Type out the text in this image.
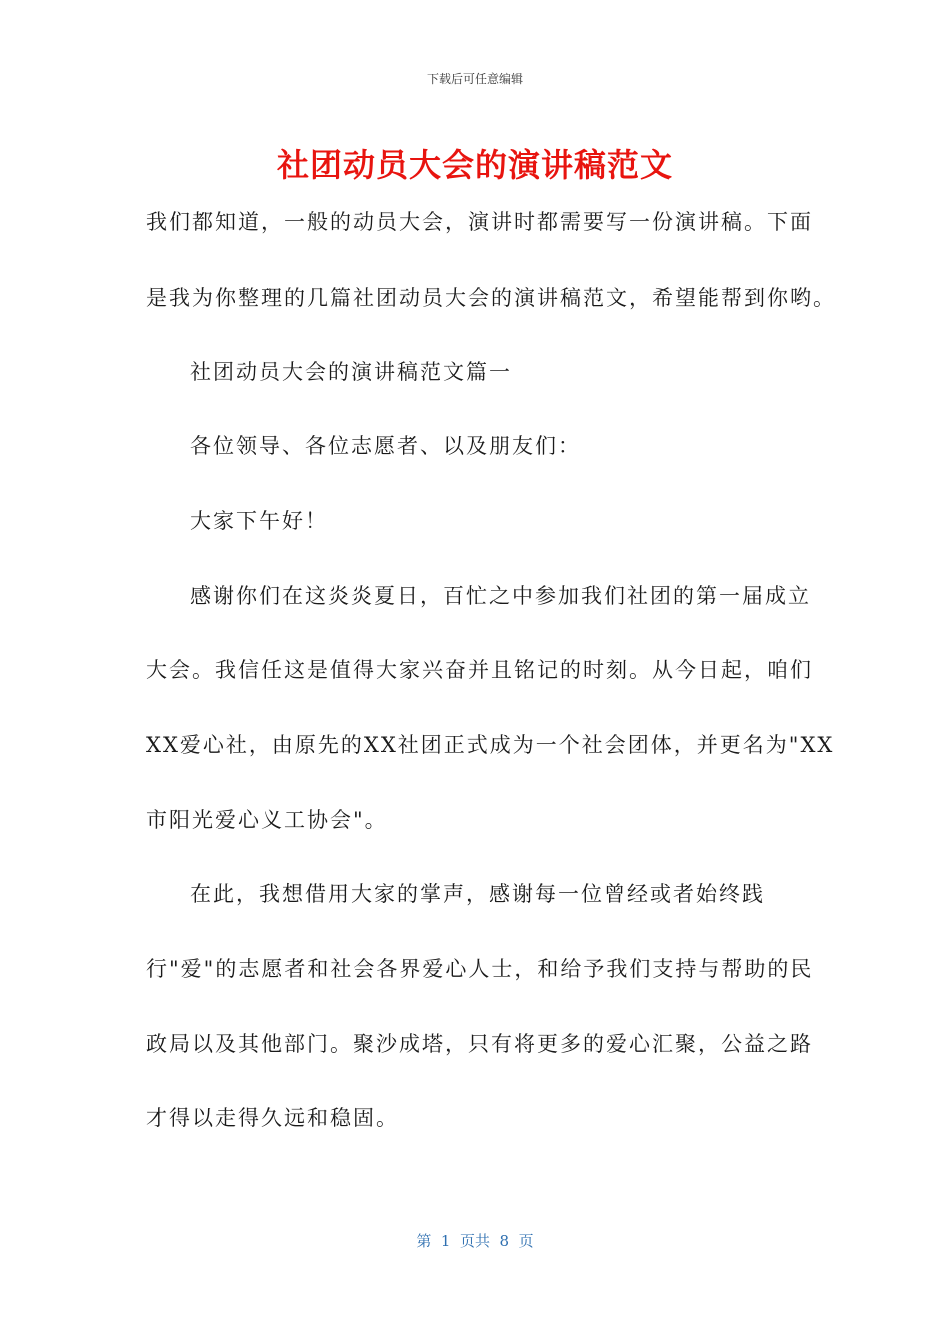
下载后可任意编辑
社团动员大会的演讲稿范文
我们都知道，一般的动员大会，演讲时都需要写一份演讲稿。下面
是我为你整理的几篇社团动员大会的演讲稿范文，希望能帮到你哟。
社团动员大会的演讲稿范文篇一
各位领导、各位志愿者、以及朋友们：
大家下午好！
感谢你们在这炎炎夏日，百忙之中参加我们社团的第一届成立
大会。我信任这是值得大家兴奋并且铭记的时刻。从今日起，咱们
XX爱心社，由原先的XX社团正式成为一个社会团体，并更名为"XX
市阳光爱心义工协会"。
在此，我想借用大家的掌声，感谢每一位曾经或者始终践
行"爱"的志愿者和社会各界爱心人士，和给予我们支持与帮助的民
政局以及其他部门。聚沙成塔，只有将更多的爱心汇聚，公益之路
才得以走得久远和稳固。
第  1  页共  8  页
